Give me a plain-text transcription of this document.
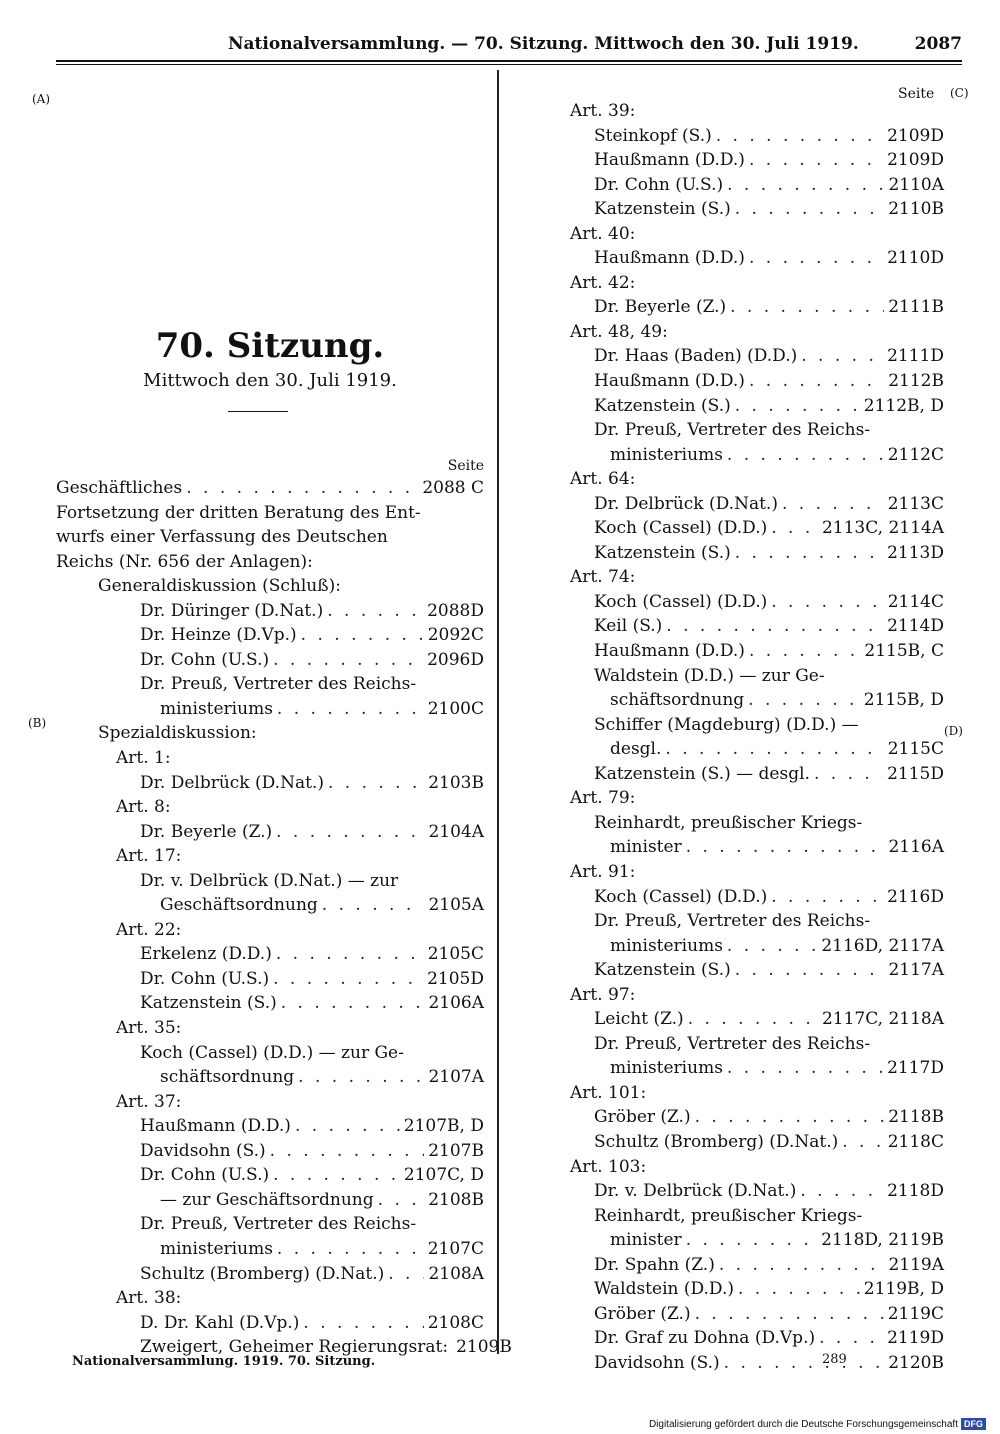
Nationalversammlung. — 70. Sitzung. Mittwoch den 30. Juli 1919.	2087
(A)
(B)
(C)
(D)
Seite
70. Sitzung.
Mittwoch den 30. Juli 1919.
Seite
Geschäftliches . . .	2088 C
Fortsetzung der dritten Beratung des Ent-
wurfs einer Verfassung des Deutschen
Reichs (Nr. 656 der Anlagen):
Generaldiskussion (Schluß):
Dr. Düringer (D.Nat.) . . .	2088D
Dr. Heinze (D.Vp.) . . .	2092C
Dr. Cohn (U.S.) . . .	2096D
Dr. Preuß, Vertreter des Reichs-
ministeriums . . .	2100C
Spezialdiskussion:
Art. 1:
Dr. Delbrück (D.Nat.) . . .	2103B
Art. 8:
Dr. Beyerle (Z.) . . .	2104A
Art. 17:
Dr. v. Delbrück (D.Nat.) — zur
Geschäftsordnung . . .	2105A
Art. 22:
Erkelenz (D.D.) . . .	2105C
Dr. Cohn (U.S.) . . .	2105D
Katzenstein (S.) . . .	2106A
Art. 35:
Koch (Cassel) (D.D.) — zur Ge-
schäftsordnung . . .	2107A
Art. 37:
Haußmann (D.D.) . . .	2107B, D
Davidsohn (S.) . . .	2107B
Dr. Cohn (U.S.) . . .	2107C, D
— zur Geschäftsordnung . . .	2108B
Dr. Preuß, Vertreter des Reichs-
ministeriums . . .	2107C
Schultz (Bromberg) (D.Nat.) . . .	2108A
Art. 38:
D. Dr. Kahl (D.Vp.) . . .	2108C
Zweigert, Geheimer Regierungsrat: 2109B
Art. 39:
Steinkopf (S.) . . .	2109D
Haußmann (D.D.) . . .	2109D
Dr. Cohn (U.S.) . . .	2110A
Katzenstein (S.) . . .	2110B
Art. 40:
Haußmann (D.D.) . . .	2110D
Art. 42:
Dr. Beyerle (Z.) . . .	2111B
Art. 48, 49:
Dr. Haas (Baden) (D.D.) . . .	2111D
Haußmann (D.D.) . . .	2112B
Katzenstein (S.) . . .	2112B, D
Dr. Preuß, Vertreter des Reichs-
ministeriums . . .	2112C
Art. 64:
Dr. Delbrück (D.Nat.) . . .	2113C
Koch (Cassel) (D.D.) . . .	2113C, 2114A
Katzenstein (S.) . . .	2113D
Art. 74:
Koch (Cassel) (D.D.) . . .	2114C
Keil (S.) . . .	2114D
Haußmann (D.D.) . . .	2115B, C
Waldstein (D.D.) — zur Ge-
schäftsordnung . . .	2115B, D
Schiffer (Magdeburg) (D.D.) —
desgl. . . .	2115C
Katzenstein (S.) — desgl. . . .	2115D
Art. 79:
Reinhardt, preußischer Kriegs-
minister . . .	2116A
Art. 91:
Koch (Cassel) (D.D.) . . .	2116D
Dr. Preuß, Vertreter des Reichs-
ministeriums . . .	2116D, 2117A
Katzenstein (S.) . . .	2117A
Art. 97:
Leicht (Z.) . . .	2117C, 2118A
Dr. Preuß, Vertreter des Reichs-
ministeriums . . .	2117D
Art. 101:
Gröber (Z.) . . .	2118B
Schultz (Bromberg) (D.Nat.) . . .	2118C
Art. 103:
Dr. v. Delbrück (D.Nat.) . . .	2118D
Reinhardt, preußischer Kriegs-
minister . . .	2118D, 2119B
Dr. Spahn (Z.) . . .	2119A
Waldstein (D.D.) . . .	2119B, D
Gröber (Z.) . . .	2119C
Dr. Graf zu Dohna (D.Vp.) . . .	2119D
Davidsohn (S.) . . .	2120B
Nationalversammlung. 1919. 70. Sitzung.	289
Digitalisierung gefördert durch die Deutsche Forschungsgemeinschaft DFG
